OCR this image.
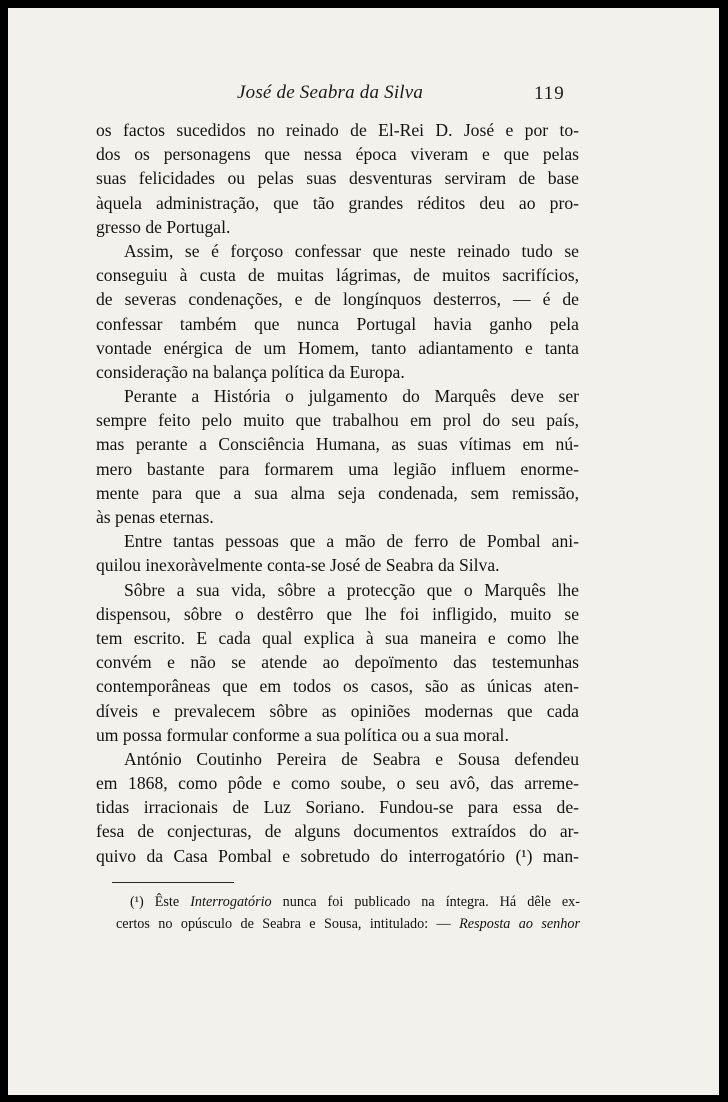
José de Seabra da Silva	119
os factos sucedidos no reinado de El-Rei D. José e por to-
dos os personagens que nessa época viveram e que pelas
suas felicidades ou pelas suas desventuras serviram de base
àquela administração, que tão grandes réditos deu ao pro-
gresso de Portugal.
Assim, se é forçoso confessar que neste reinado tudo se
conseguiu à custa de muitas lágrimas, de muitos sacrifícios,
de severas condenações, e de longínquos desterros, — é de
confessar também que nunca Portugal havia ganho pela
vontade enérgica de um Homem, tanto adiantamento e tanta
consideração na balança política da Europa.
Perante a História o julgamento do Marquês deve ser
sempre feito pelo muito que trabalhou em prol do seu país,
mas perante a Consciência Humana, as suas vítimas em nú-
mero bastante para formarem uma legião influem enorme-
mente para que a sua alma seja condenada, sem remissão,
às penas eternas.
Entre tantas pessoas que a mão de ferro de Pombal ani-
quilou inexoràvelmente conta-se José de Seabra da Silva.
Sôbre a sua vida, sôbre a protecção que o Marquês lhe
dispensou, sôbre o destêrro que lhe foi infligido, muito se
tem escrito. E cada qual explica à sua maneira e como lhe
convém e não se atende ao depoïmento das testemunhas
contemporâneas que em todos os casos, são as únicas aten-
díveis e prevalecem sôbre as opiniões modernas que cada
um possa formular conforme a sua política ou a sua moral.
António Coutinho Pereira de Seabra e Sousa defendeu
em 1868, como pôde e como soube, o seu avô, das arreme-
tidas irracionais de Luz Soriano. Fundou-se para essa de-
fesa de conjecturas, de alguns documentos extraídos do ar-
quivo da Casa Pombal e sobretudo do interrogatório (¹) man-
(¹) Êste Interrogatório nunca foi publicado na íntegra. Há dêle ex-
certos no opúsculo de Seabra e Sousa, intitulado: — Resposta ao senhor
